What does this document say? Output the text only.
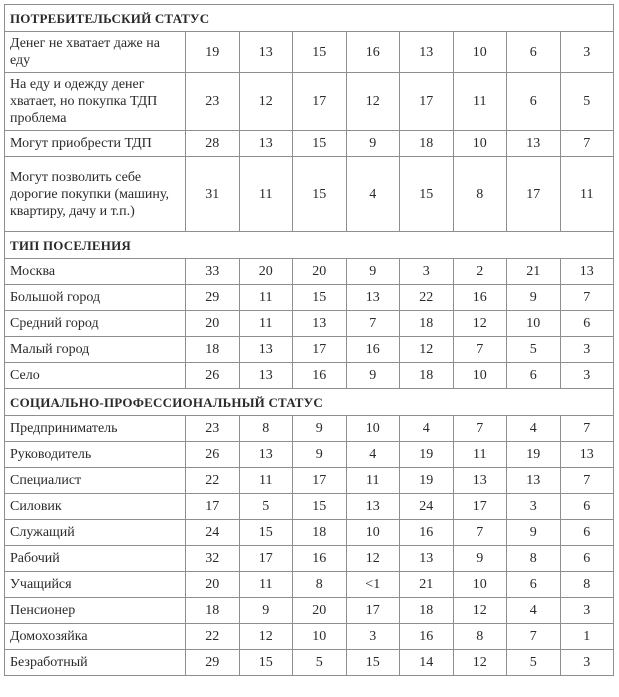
ПОТРЕБИТЕЛЬСКИЙ СТАТУС								
Денег не хватает даже на еду	19	13	15	16	13	10	6	3
На еду и одежду денег хватает, но покупка ТДП проблема	23	12	17	12	17	11	6	5
Могут приобрести ТДП	28	13	15	9	18	10	13	7
Могут позволить себе дорогие покупки (машину, квартиру, дачу и т.п.)	31	11	15	4	15	8	17	11
ТИП ПОСЕЛЕНИЯ								
Москва	33	20	20	9	3	2	21	13
Большой город	29	11	15	13	22	16	9	7
Средний город	20	11	13	7	18	12	10	6
Малый город	18	13	17	16	12	7	5	3
Село	26	13	16	9	18	10	6	3
СОЦИАЛЬНО-ПРОФЕССИОНАЛЬНЫЙ СТАТУС								
Предприниматель	23	8	9	10	4	7	4	7
Руководитель	26	13	9	4	19	11	19	13
Специалист	22	11	17	11	19	13	13	7
Силовик	17	5	15	13	24	17	3	6
Служащий	24	15	18	10	16	7	9	6
Рабочий	32	17	16	12	13	9	8	6
Учащийся	20	11	8	<1	21	10	6	8
Пенсионер	18	9	20	17	18	12	4	3
Домохозяйка	22	12	10	3	16	8	7	1
Безработный	29	15	5	15	14	12	5	3
